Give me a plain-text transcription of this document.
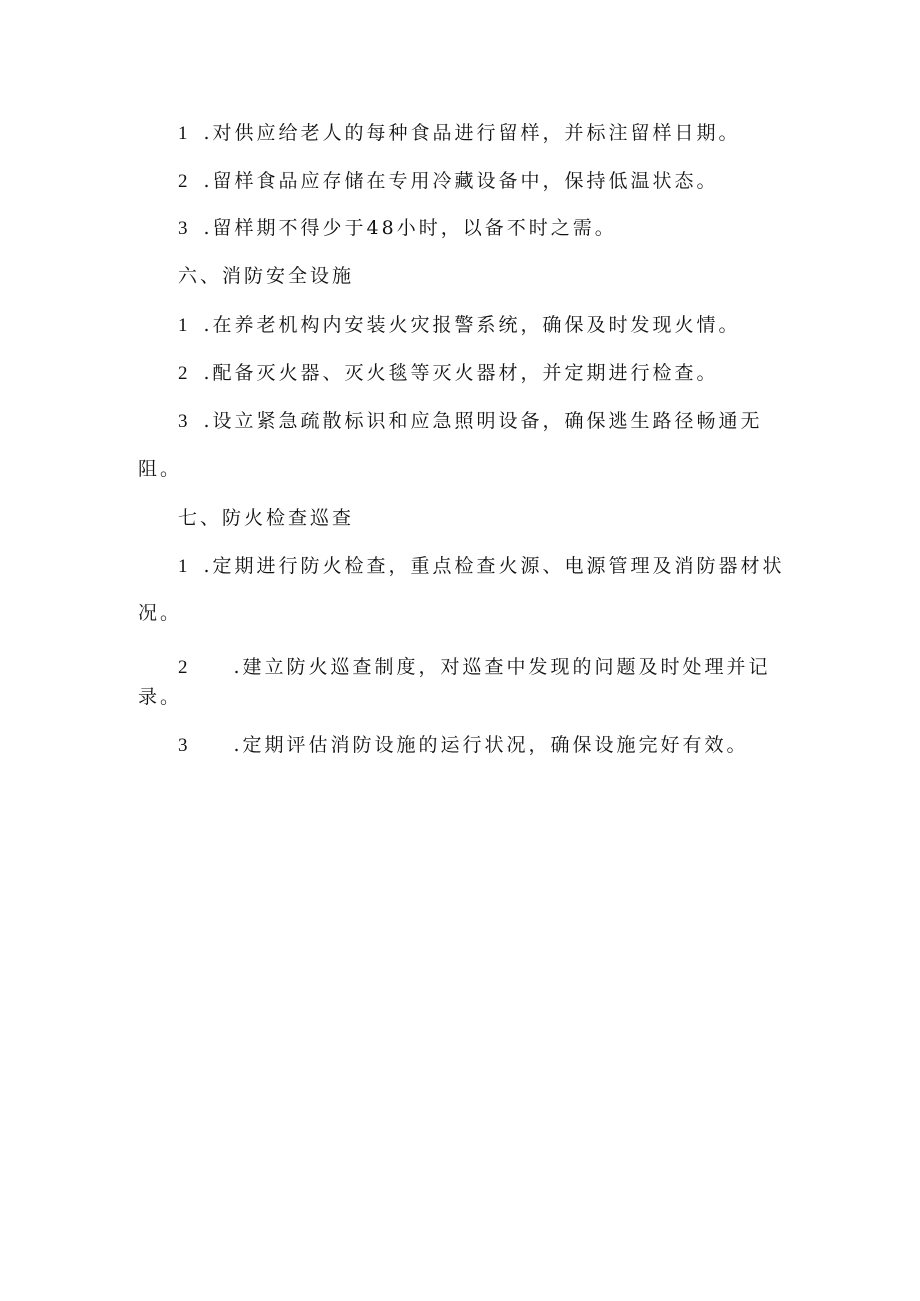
1 .对供应给老人的每种食品进行留样，并标注留样日期。
2 .留样食品应存储在专用冷藏设备中，保持低温状态。
3 .留样期不得少于48小时，以备不时之需。
六、消防安全设施
1 .在养老机构内安装火灾报警系统，确保及时发现火情。
2 .配备灭火器、灭火毯等灭火器材，并定期进行检查。
3 .设立紧急疏散标识和应急照明设备，确保逃生路径畅通无
阻。
七、防火检查巡查
1 .定期进行防火检查，重点检查火源、电源管理及消防器材状
况。
2 .建立防火巡查制度，对巡查中发现的问题及时处理并记
录。
3 .定期评估消防设施的运行状况，确保设施完好有效。
